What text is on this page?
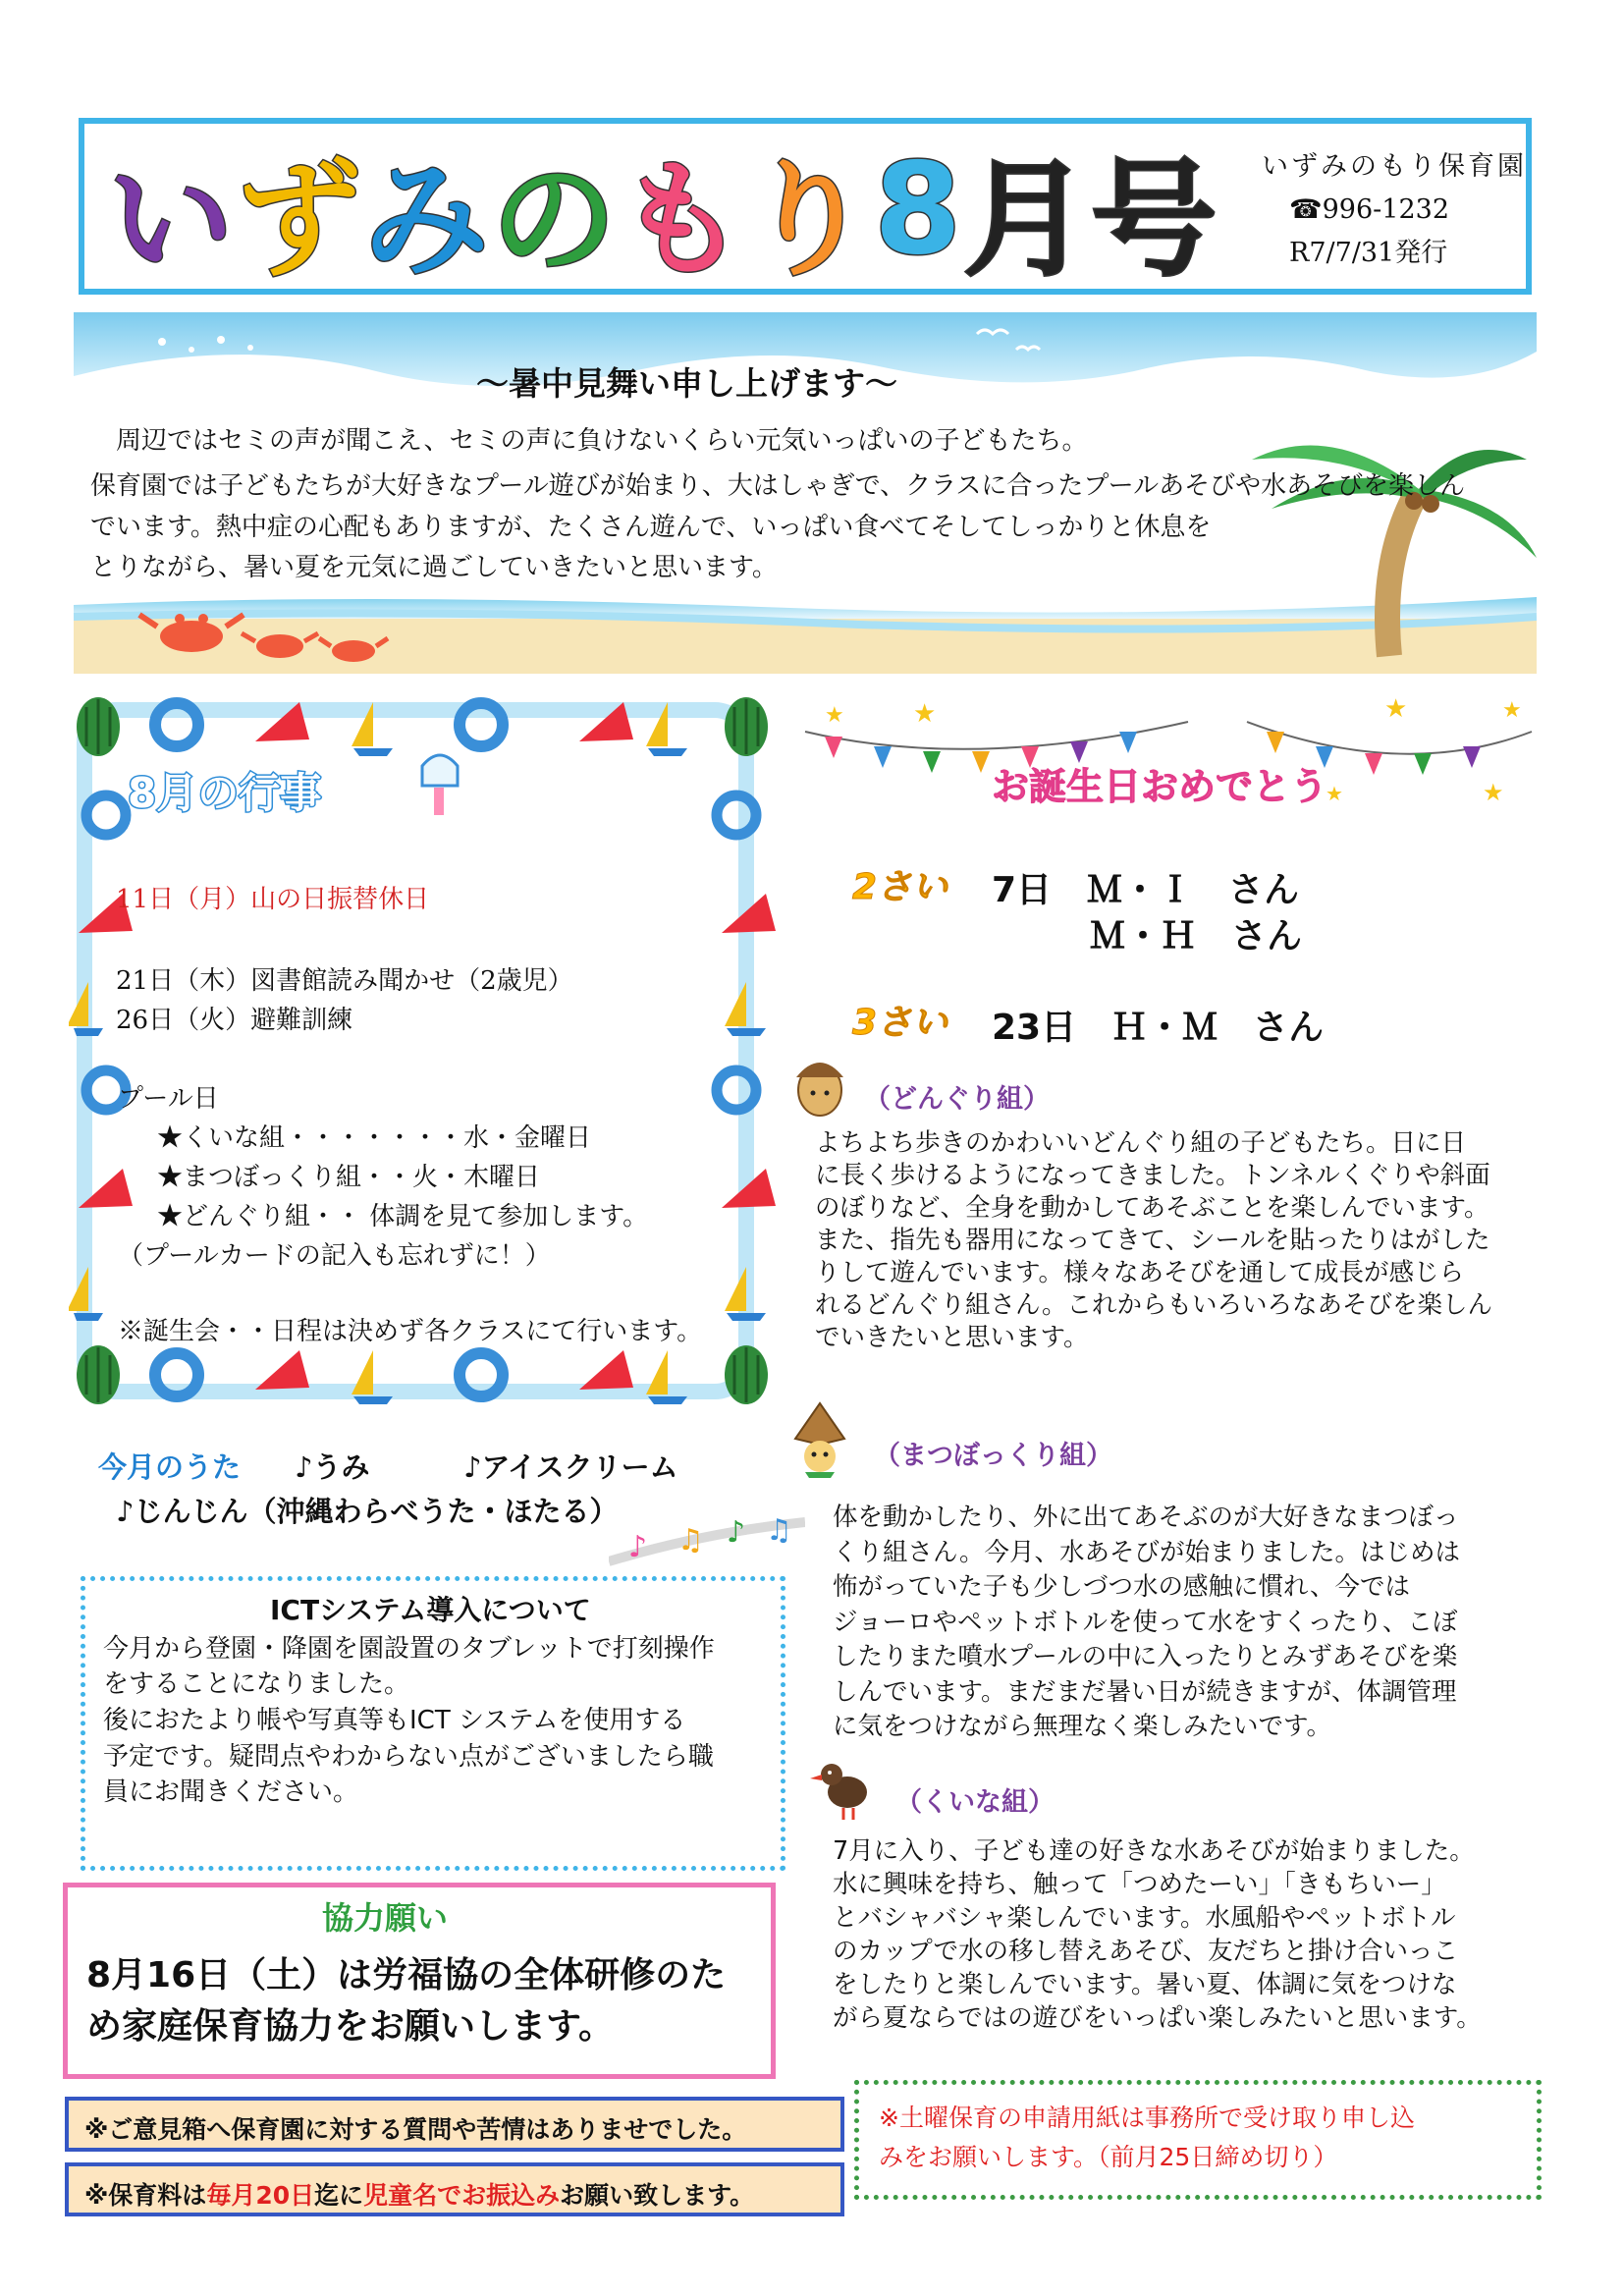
い ず み の も り 8 月 号 いずみのもり保育園
☎996-1232
R7/7/31発行
～暑中見舞い申し上げます～
周辺ではセミの声が聞こえ、セミの声に負けないくらい元気いっぱいの子どもたち。
保育園では子どもたちが大好きなプール遊びが始まり、大はしゃぎで、クラスに合ったプールあそびや水あそびを楽しん
でいます。熱中症の心配もありますが、たくさん遊んで、いっぱい食べてそしてしっかりと休息を
とりながら、暑い夏を元気に過ごしていきたいと思います。
8月の行事
11日（月）山の日振替休日
21日（木）図書館読み聞かせ（2歳児）
26日（火）避難訓練
プール日
★くいな組・・・・・・・水・金曜日
★まつぼっくり組・・火・木曜日
★どんぐり組・・ 体調を見て参加します。
（プールカードの記入も忘れずに！）
※誕生会・・日程は決めず各クラスにて行います。
今月のうた ♪うみ	♪アイスクリーム
♪じんじん（沖縄わらべうた・ほたる）
♪ ♫ ♪ ♫
ICTシステム導入について
今月から登園・降園を園設置のタブレットで打刻操作
をすることになりました。
後におたより帳や写真等もICT システムを使用する
予定です。疑問点やわからない点がございましたら職
員にお聞きください。
協力願い
8月16日（土）は労福協の全体研修のた
め家庭保育協力をお願いします。
※ご意見箱へ保育園に対する質問や苦情はありませでした。
※保育料は毎月20日迄に児童名でお振込みお願い致します。
※土曜保育の申請用紙は事務所で受け取り申し込
みをお願いします。（前月25日締め切り）
★
★	★
★
★
★
お誕生日おめでとう
2さい 7日　Ｍ・Ｉ　さん
Ｍ・Ｈ　さん
3さい 23日　Ｈ・Ｍ　さん
（どんぐり組）
よちよち歩きのかわいいどんぐり組の子どもたち。日に日
に長く歩けるようになってきました。トンネルくぐりや斜面
のぼりなど、全身を動かしてあそぶことを楽しんでいます。
また、指先も器用になってきて、シールを貼ったりはがした
りして遊んでいます。様々なあそびを通して成長が感じら
れるどんぐり組さん。これからもいろいろなあそびを楽しん
でいきたいと思います。
（まつぼっくり組）
体を動かしたり、外に出てあそぶのが大好きなまつぼっ
くり組さん。今月、水あそびが始まりました。はじめは
怖がっていた子も少しづつ水の感触に慣れ、今では
ジョーロやペットボトルを使って水をすくったり、こぼ
したりまた噴水プールの中に入ったりとみずあそびを楽
しんでいます。まだまだ暑い日が続きますが、体調管理
に気をつけながら無理なく楽しみたいです。
（くいな組）
7月に入り、子ども達の好きな水あそびが始まりました。
水に興味を持ち、触って「つめたーい」「きもちいー」
とバシャバシャ楽しんでいます。水風船やペットボトル
のカップで水の移し替えあそび、友だちと掛け合いっこ
をしたりと楽しんでいます。暑い夏、体調に気をつけな
がら夏ならではの遊びをいっぱい楽しみたいと思います。
